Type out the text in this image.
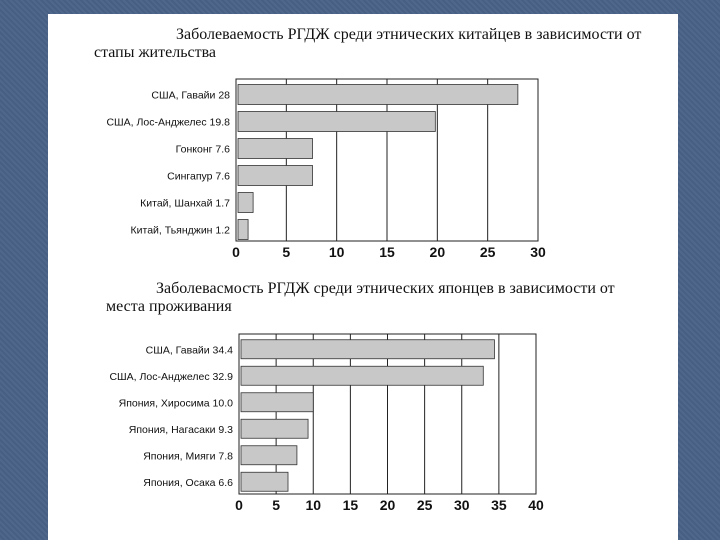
Заболеваемость РГДЖ среди этнических китайцев в зависимости от
стапы жительства
0	5	10 15 20 25 30
США, Гавайи 28
США, Лос-Анджелес 19.8
Гонконг 7.6
Сингапур 7.6
Китай, Шанхай 1.7
Китай, Тьянджин 1.2
Заболевасмость РГДЖ среди этнических японцев в зависимости от
места проживания
0 5 10 15 20 25 30 35 40
США, Гавайи 34.4
США, Лос-Анджелес 32.9
Япония, Хиросима 10.0
Япония, Нагасаки 9.3
Япония, Мияги 7.8
Япония, Осака 6.6
